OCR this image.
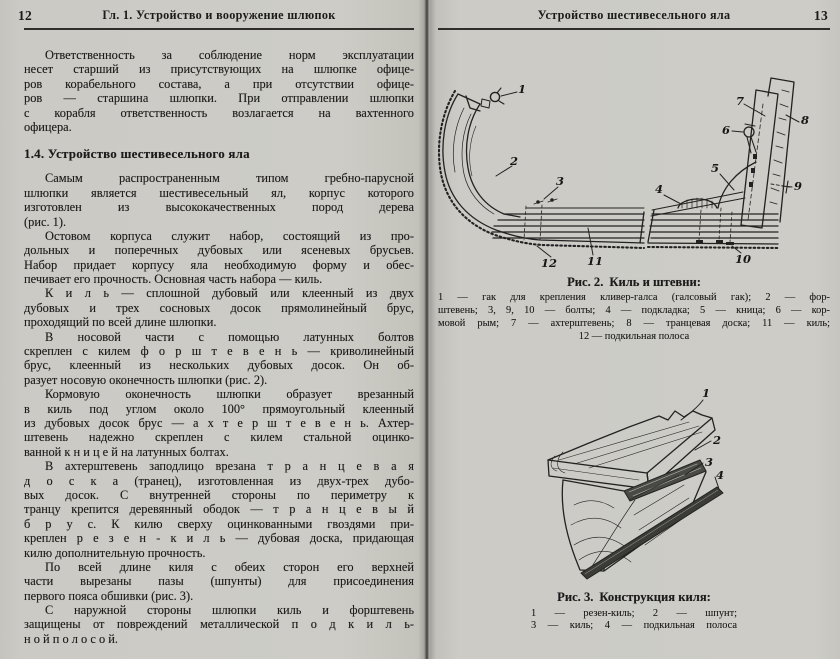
12	Гл. 1. Устройство и вооружение шлюпок
Ответственность за соблюдение норм эксплуатации
несет старший из присутствующих на шлюпке офице-
ров корабельного состава, а при отсутствии офице-
ров — старшина шлюпки. При отправлении шлюпки
с корабля ответственность возлагается на вахтенного
офицера.
1.4. Устройство шестивесельного яла
Самым распространенным типом гребно-парусной
шлюпки является шестивесельный ял, корпус которого
изготовлен из высококачественных пород дерева
(рис. 1).
Остовом корпуса служит набор, состоящий из про-
дольных и поперечных дубовых или ясеневых брусьев.
Набор придает корпусу яла необходимую форму и обес-
печивает его прочность. Основная часть набора — киль.
К и л ь — сплошной дубовый или клеенный из двух
дубовых и трех сосновых досок прямолинейный брус,
проходящий по всей длине шлюпки.
В носовой части с помощью латунных болтов
скреплен с килем ф о р ш т е в е н ь — криволинейный
брус, клеенный из нескольких дубовых досок. Он об-
разует носовую оконечность шлюпки (рис. 2).
Кормовую оконечность шлюпки образует врезанный
в киль под углом около 100° прямоугольный клеенный
из дубовых досок брус — а х т е р ш т е в е н ь. Ахтер-
штевень надежно скреплен с килем стальной оцинко-
ванной к н и ц е й на латунных болтах.
В ахтерштевень заподлицо врезана т р а н ц е в а я
д о с к а (транец), изготовленная из двух-трех дубо-
вых досок. С внутренней стороны по периметру к
транцу крепится деревянный ободок — т р а н ц е в ы й
б р у с. К килю сверху оцинкованными гвоздями при-
креплен р е з е н - к и л ь — дубовая доска, придающая
килю дополнительную прочность.
По всей длине киля с обеих сторон его верхней
части вырезаны пазы (шпунты) для присоединения
первого пояса обшивки (рис. 3).
С наружной стороны шлюпки киль и форштевень
защищены от повреждений металлической п о д к и л ь-
н о й п о л о с о й.
Устройство шестивесельного яла	13
1
2
3
4
5
6
7
8
9
10
11
12
Рис. 2. Киль и штевни:
1 — гак для крепления кливер-галса (галсовый гак); 2 — фор-
штевень; 3, 9, 10 — болты; 4 — подкладка; 5 — кница; 6 — кор-
мовой рым; 7 — ахтерштевень; 8 — транцевая доска; 11 — киль;
12 — подкильная полоса
1
2
3
4
Рис. 3. Конструкция киля:
1 — резен-киль; 2 — шпунт;
3 — киль; 4 — подкильная полоса
